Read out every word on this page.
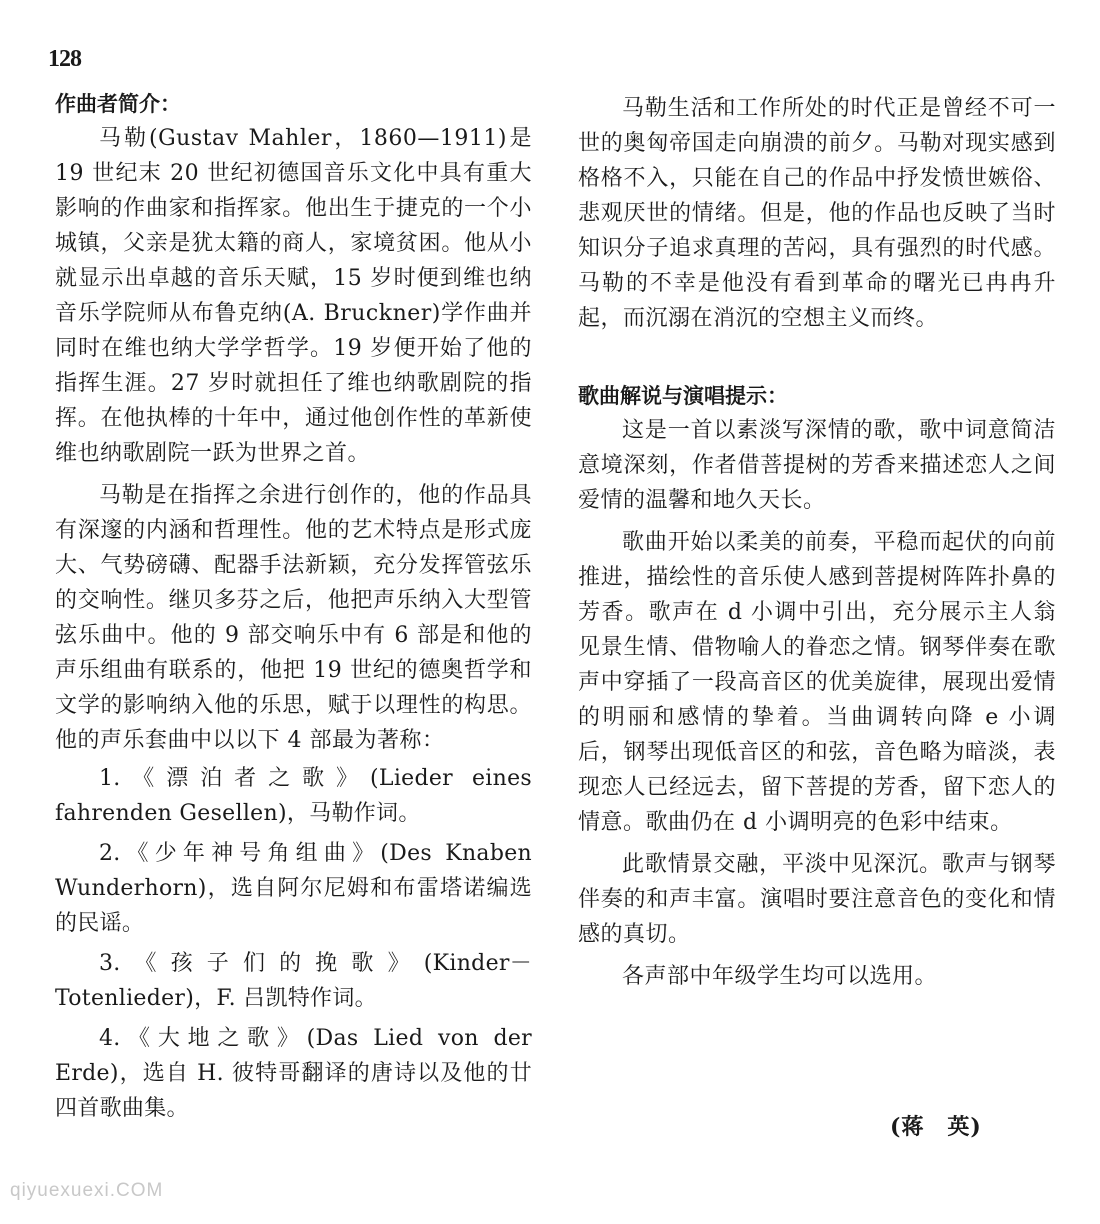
128

作曲者简介：

马勒(Gustav Mahler，1860—1911)是 19 世纪末 20 世纪初德国音乐文化中具有重大影响的作曲家和指挥家。他出生于捷克的一个小城镇，父亲是犹太籍的商人，家境贫困。他从小就显示出卓越的音乐天赋，15 岁时便到维也纳音乐学院师从布鲁克纳(A. Bruckner)学作曲并同时在维也纳大学学哲学。19 岁便开始了他的指挥生涯。27 岁时就担任了维也纳歌剧院的指挥。在他执棒的十年中，通过他创作性的革新使维也纳歌剧院一跃为世界之首。

马勒是在指挥之余进行创作的，他的作品具有深邃的内涵和哲理性。他的艺术特点是形式庞大、气势磅礴、配器手法新颖，充分发挥管弦乐的交响性。继贝多芬之后，他把声乐纳入大型管弦乐曲中。他的 9 部交响乐中有 6 部是和他的声乐组曲有联系的，他把 19 世纪的德奥哲学和文学的影响纳入他的乐思，赋于以理性的构思。他的声乐套曲中以以下 4 部最为著称：

1.《漂泊者之歌》(Lieder eines fahrenden Gesellen)，马勒作词。

2.《少年神号角组曲》(Des Knaben Wunderhorn)，选自阿尔尼姆和布雷塔诺编选的民谣。

3.《孩子们的挽歌》(Kinder－Totenlieder)，F. 吕凯特作词。

4.《大地之歌》(Das Lied von der Erde)，选自 H. 彼特哥翻译的唐诗以及他的廿四首歌曲集。

马勒生活和工作所处的时代正是曾经不可一世的奥匈帝国走向崩溃的前夕。马勒对现实感到格格不入，只能在自己的作品中抒发愤世嫉俗、悲观厌世的情绪。但是，他的作品也反映了当时知识分子追求真理的苦闷，具有强烈的时代感。马勒的不幸是他没有看到革命的曙光已冉冉升起，而沉溺在消沉的空想主义而终。

歌曲解说与演唱提示：

这是一首以素淡写深情的歌，歌中词意简洁意境深刻，作者借菩提树的芳香来描述恋人之间爱情的温馨和地久天长。

歌曲开始以柔美的前奏，平稳而起伏的向前推进，描绘性的音乐使人感到菩提树阵阵扑鼻的芳香。歌声在 d 小调中引出，充分展示主人翁见景生情、借物喻人的眷恋之情。钢琴伴奏在歌声中穿插了一段高音区的优美旋律，展现出爱情的明丽和感情的挚着。当曲调转向降 e 小调后，钢琴出现低音区的和弦，音色略为暗淡，表现恋人已经远去，留下菩提的芳香，留下恋人的情意。歌曲仍在 d 小调明亮的色彩中结束。

此歌情景交融，平淡中见深沉。歌声与钢琴伴奏的和声丰富。演唱时要注意音色的变化和情感的真切。

各声部中年级学生均可以选用。

(蒋　英)
qiyuexuexi.COM
